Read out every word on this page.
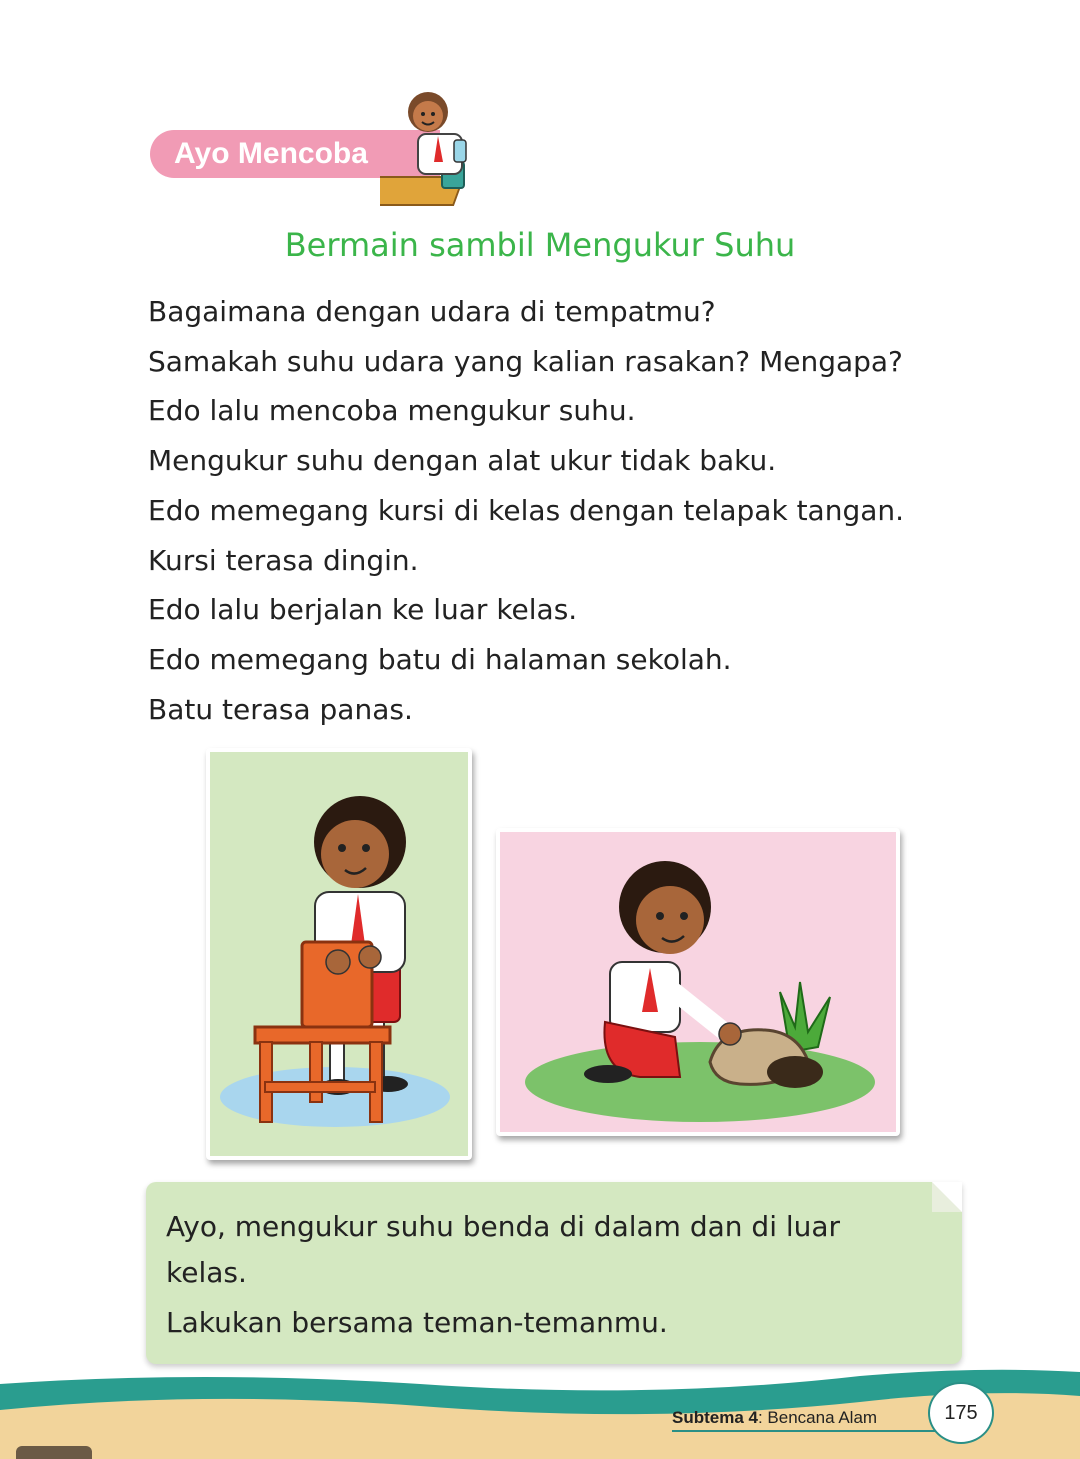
Ayo Mencoba
Bermain sambil Mengukur Suhu

Bagaimana dengan udara di tempatmu?

Samakah suhu udara yang kalian rasakan? Mengapa?

Edo lalu mencoba mengukur suhu.

Mengukur suhu dengan alat ukur tidak baku.

Edo memegang kursi di kelas dengan telapak tangan.

Kursi terasa dingin.

Edo lalu berjalan ke luar kelas.

Edo memegang batu di halaman sekolah.

Batu terasa panas.

Ayo, mengukur suhu benda di dalam dan di luar

kelas.

Lakukan bersama teman-temanmu.

Subtema 4: Bencana Alam	175
